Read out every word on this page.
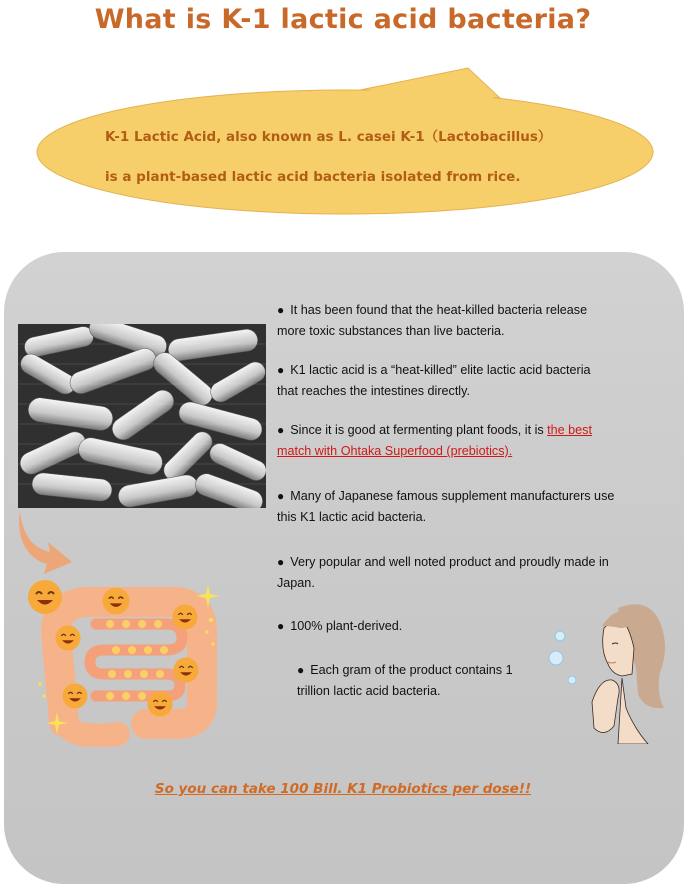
What is K-1 lactic acid bacteria?
K-1 Lactic Acid, also known as L. casei K-1（Lactobacillus）
is a plant-based lactic acid bacteria isolated from rice.
● It has been found that the heat-killed bacteria release
more toxic substances than live bacteria.
● K1 lactic acid is a “heat-killed” elite lactic acid bacteria
that reaches the intestines directly.
● Since it is good at fermenting plant foods, it is the best
match with Ohtaka Superfood (prebiotics).
● Many of Japanese famous supplement manufacturers use
this K1 lactic acid bacteria.
● Very popular and well noted product and proudly made in
Japan.
● 100% plant-derived.
● Each gram of the product contains 1
trillion lactic acid bacteria.
So you can take 100 Bill. K1 Probiotics per dose!!
